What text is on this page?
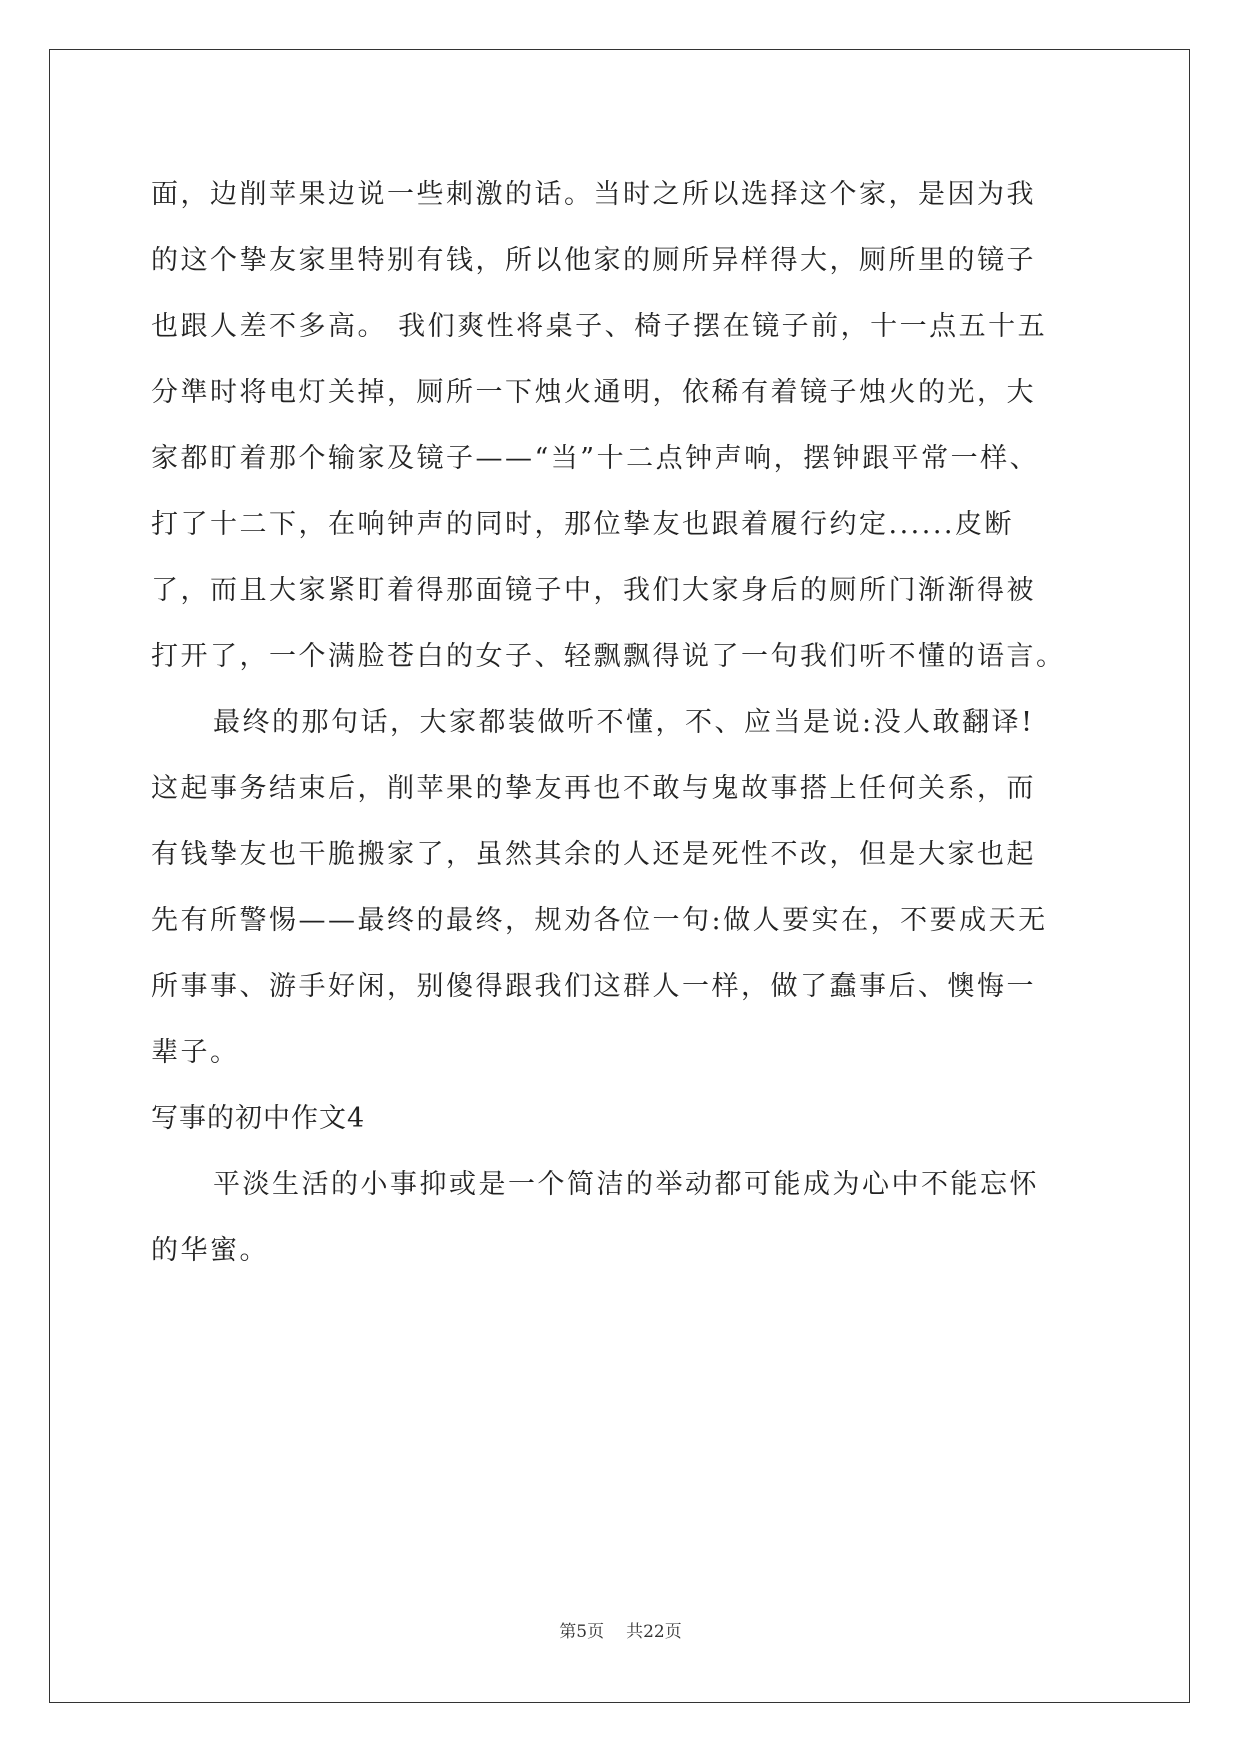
面，边削苹果边说一些刺激的话。当时之所以选择这个家，是因为我

的这个挚友家里特别有钱，所以他家的厕所异样得大，厕所里的镜子

也跟人差不多高。 我们爽性将桌子、椅子摆在镜子前，十一点五十五

分準时将电灯关掉，厕所一下烛火通明，依稀有着镜子烛火的光，大

家都盯着那个输家及镜子——“当”十二点钟声响，摆钟跟平常一样、

打了十二下，在响钟声的同时，那位挚友也跟着履行约定......皮断

了，而且大家紧盯着得那面镜子中，我们大家身后的厕所门渐渐得被

打开了，一个满脸苍白的女子、轻飘飘得说了一句我们听不懂的语言。

最终的那句话，大家都装做听不懂，不、应当是说:没人敢翻译!

这起事务结束后，削苹果的挚友再也不敢与鬼故事搭上任何关系，而

有钱挚友也干脆搬家了，虽然其余的人还是死性不改，但是大家也起

先有所警惕——最终的最终，规劝各位一句:做人要实在，不要成天无

所事事、游手好闲，别傻得跟我们这群人一样，做了蠢事后、懊悔一

辈子。

写事的初中作文4

平淡生活的小事抑或是一个简洁的举动都可能成为心中不能忘怀

的华蜜。

第5页 共22页
